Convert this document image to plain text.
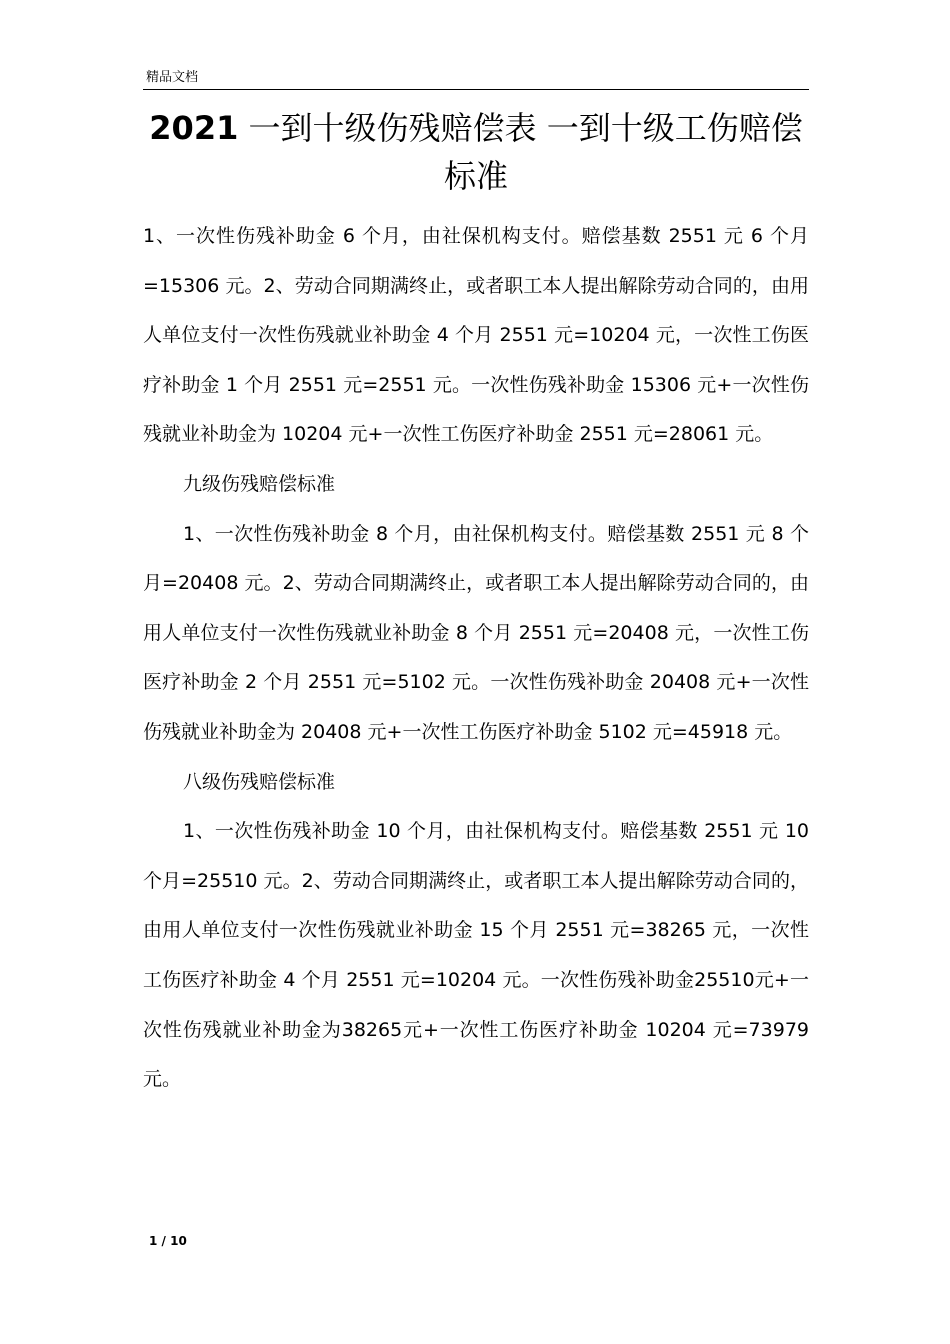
精品文档
2021 一到十级伤残赔偿表 一到十级工伤赔偿标准

1、一次性伤残补助金 6 个月，由社保机构支付。赔偿基数 2551 元 6 个月=15306 元。2、劳动合同期满终止，或者职工本人提出解除劳动合同的，由用人单位支付一次性伤残就业补助金 4 个月 2551 元=10204 元，一次性工伤医疗补助金 1 个月 2551 元=2551 元。一次性伤残补助金 15306 元+一次性伤残就业补助金为 10204 元+一次性工伤医疗补助金 2551 元=28061 元。

九级伤残赔偿标准

1、一次性伤残补助金 8 个月，由社保机构支付。赔偿基数 2551 元 8 个月=20408 元。2、劳动合同期满终止，或者职工本人提出解除劳动合同的，由用人单位支付一次性伤残就业补助金 8 个月 2551 元=20408 元，一次性工伤医疗补助金 2 个月 2551 元=5102 元。一次性伤残补助金 20408 元+一次性伤残就业补助金为 20408 元+一次性工伤医疗补助金 5102 元=45918 元。

八级伤残赔偿标准

1、一次性伤残补助金 10 个月，由社保机构支付。赔偿基数 2551 元 10 个月=25510 元。2、劳动合同期满终止，或者职工本人提出解除劳动合同的，由用人单位支付一次性伤残就业补助金 15 个月 2551 元=38265 元，一次性工伤医疗补助金 4 个月 2551 元=10204 元。一次性伤残补助金25510元+一次性伤残就业补助金为38265元+一次性工伤医疗补助金 10204 元=73979 元。

1 / 10
